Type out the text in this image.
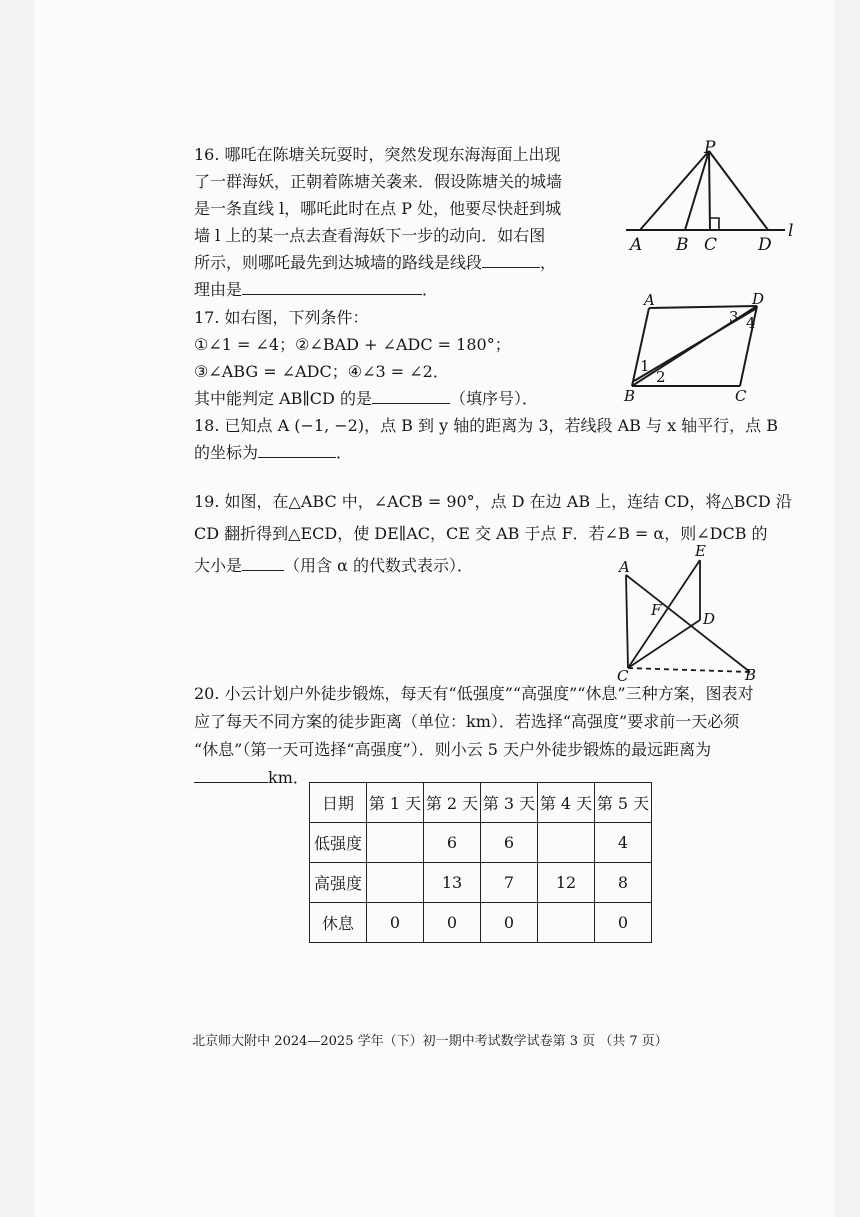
16. 哪吒在陈塘关玩耍时，突然发现东海海面上出现
了一群海妖，正朝着陈塘关袭来．假设陈塘关的城墙
是一条直线 l，哪吒此时在点 P 处，他要尽快赶到城
墙 l 上的某一点去查看海妖下一步的动向．如右图
所示，则哪吒最先到达城墙的路线是线段	，
理由是	．
P
A B C D
l
17. 如右图，下列条件：
①∠1 = ∠4；②∠BAD + ∠ADC = 180°；
③∠ABG = ∠ADC；④∠3 = ∠2．
其中能判定 AB∥CD 的是	（填序号）．
A	D
B	C
1
2
3 4
18. 已知点 A (−1, −2)，点 B 到 y 轴的距离为 3，若线段 AB 与 x 轴平行，点 B
的坐标为	．
19. 如图，在△ABC 中，∠ACB = 90°，点 D 在边 AB 上，连结 CD，将△BCD 沿
CD 翻折得到△ECD，使 DE∥AC，CE 交 AB 于点 F．若∠B = α，则∠DCB 的
大小是	（用含 α 的代数式表示）．	A
E
F	D
C	B
20. 小云计划户外徒步锻炼，每天有“低强度”“高强度”“休息”三种方案，图表对
应了每天不同方案的徒步距离（单位：km）．若选择“高强度”要求前一天必须
“休息”（第一天可选择“高强度”）．则小云 5 天户外徒步锻炼的最远距离为
km．
日期	第 1 天	第 2 天	第 3 天	第 4 天	第 5 天
低强度		6	6		4
高强度		13	7	12	8
休息	0	0	0		0
北京师大附中 2024—2025 学年（下）初一期中考试数学试卷第 3 页 （共 7 页）
